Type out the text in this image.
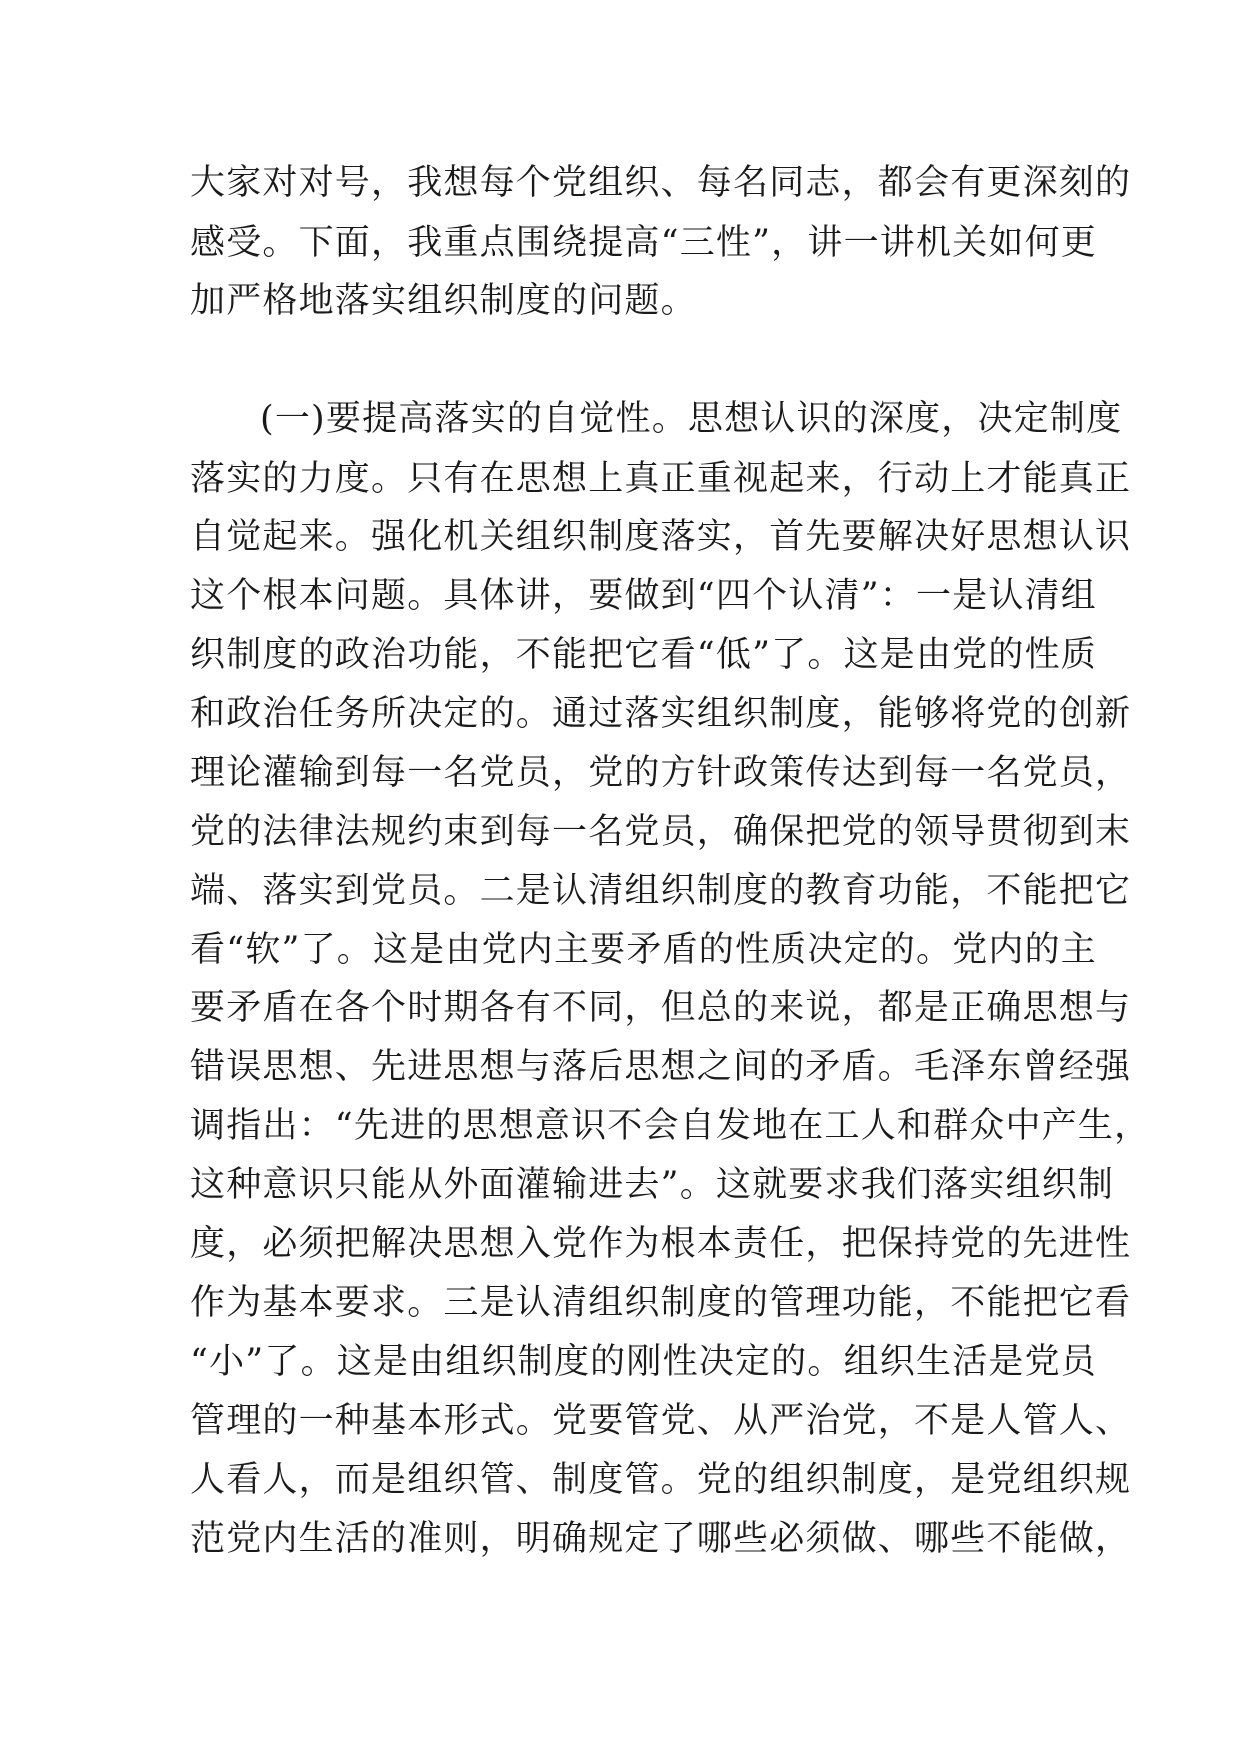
大家对对号，我想每个党组织、每名同志，都会有更深刻的
感受。下面，我重点围绕提高“三性”，讲一讲机关如何更
加严格地落实组织制度的问题。
(一)要提高落实的自觉性。思想认识的深度，决定制度
落实的力度。只有在思想上真正重视起来，行动上才能真正
自觉起来。强化机关组织制度落实，首先要解决好思想认识
这个根本问题。具体讲，要做到“四个认清”：一是认清组
织制度的政治功能，不能把它看“低”了。这是由党的性质
和政治任务所决定的。通过落实组织制度，能够将党的创新
理论灌输到每一名党员，党的方针政策传达到每一名党员，
党的法律法规约束到每一名党员，确保把党的领导贯彻到末
端、落实到党员。二是认清组织制度的教育功能，不能把它
看“软”了。这是由党内主要矛盾的性质决定的。党内的主
要矛盾在各个时期各有不同，但总的来说，都是正确思想与
错误思想、先进思想与落后思想之间的矛盾。毛泽东曾经强
调指出：“先进的思想意识不会自发地在工人和群众中产生，
这种意识只能从外面灌输进去”。这就要求我们落实组织制
度，必须把解决思想入党作为根本责任，把保持党的先进性
作为基本要求。三是认清组织制度的管理功能，不能把它看
“小”了。这是由组织制度的刚性决定的。组织生活是党员
管理的一种基本形式。党要管党、从严治党，不是人管人、
人看人，而是组织管、制度管。党的组织制度，是党组织规
范党内生活的准则，明确规定了哪些必须做、哪些不能做，
